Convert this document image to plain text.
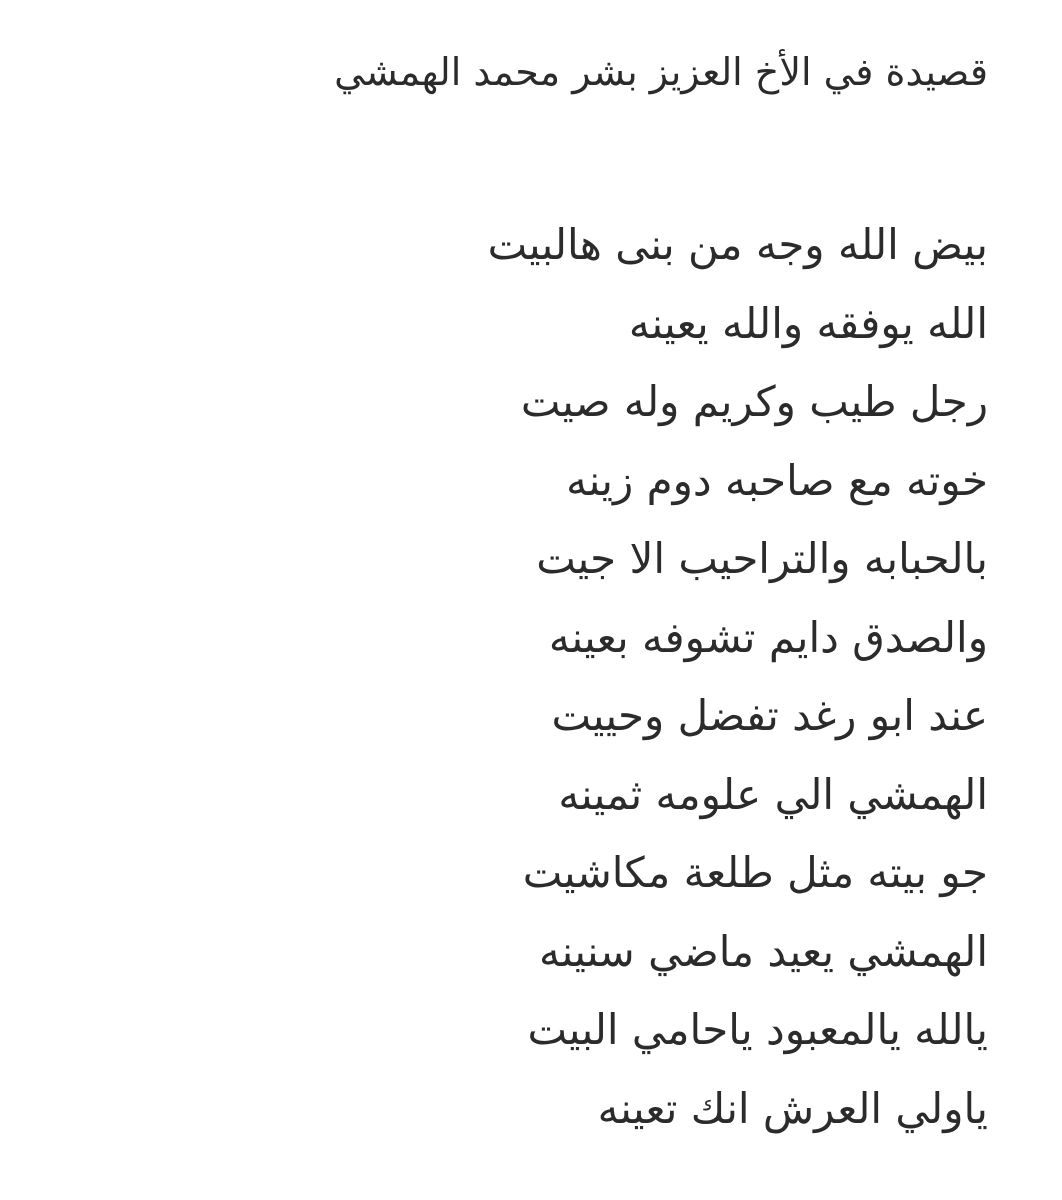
قصيدة في الأخ العزيز بشر محمد الهمشي
بيض الله وجه من بنى هالبيت
الله يوفقه والله يعينه
رجل طيب وكريم وله صيت
خوته مع صاحبه دوم زينه
بالحبابه والتراحيب الا جيت
والصدق دايم تشوفه بعينه
عند ابو رغد تفضل وحييت
الهمشي الي علومه ثمينه
جو بيته مثل طلعة مكاشيت
الهمشي يعيد ماضي سنينه
يالله يالمعبود ياحامي البيت
ياولي العرش انك تعينه
